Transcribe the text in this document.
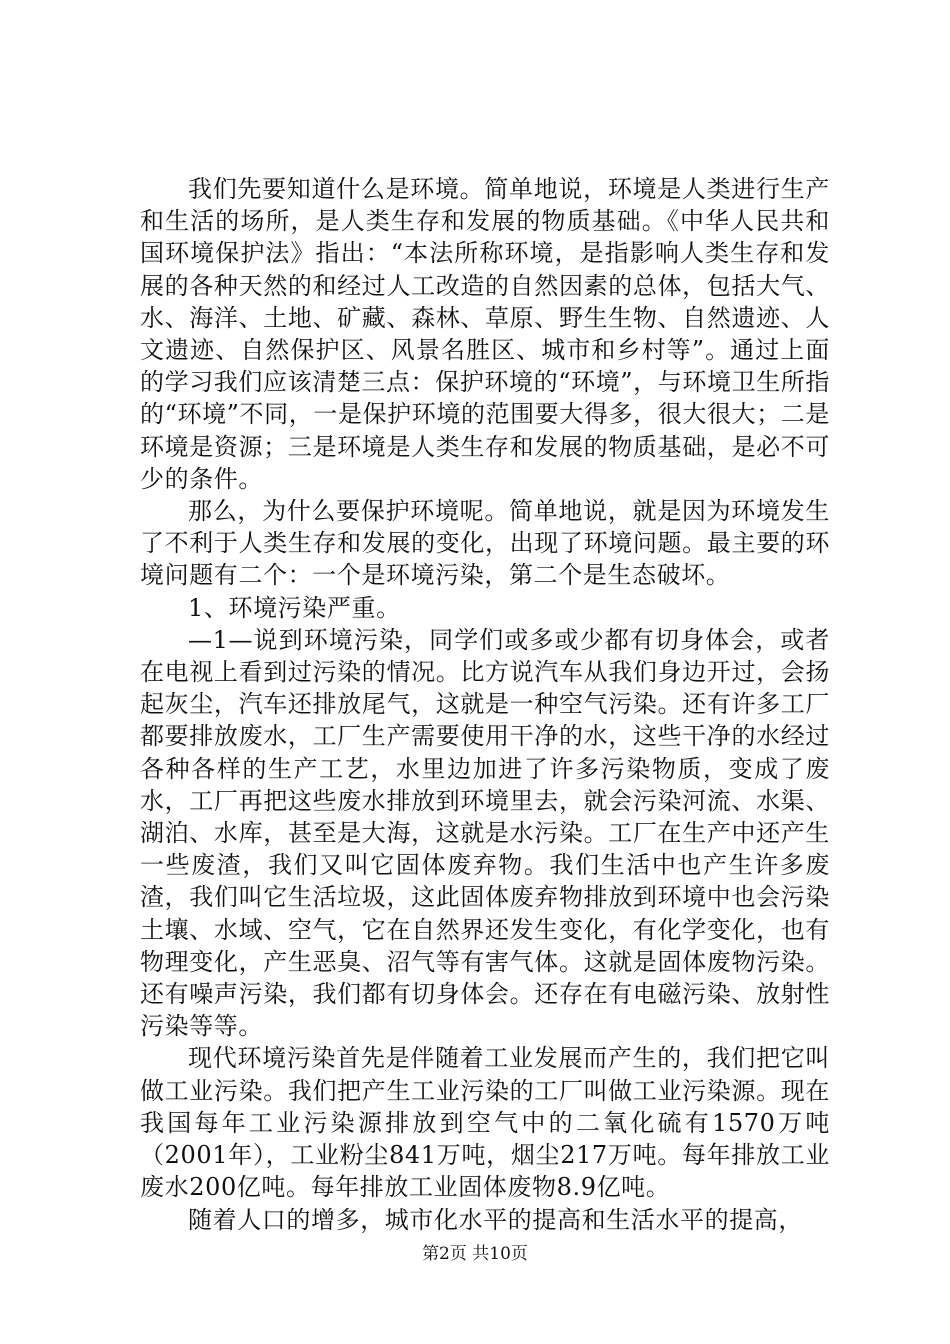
我们先要知道什么是环境。简单地说，环境是人类进行生产和生活的场所，是人类生存和发展的物质基础。《中华人民共和国环境保护法》指出：“本法所称环境，是指影响人类生存和发展的各种天然的和经过人工改造的自然因素的总体，包括大气、水、海洋、土地、矿藏、森林、草原、野生生物、自然遗迹、人文遗迹、自然保护区、风景名胜区、城市和乡村等”。通过上面的学习我们应该清楚三点：保护环境的“环境”，与环境卫生所指的“环境”不同，一是保护环境的范围要大得多，很大很大；二是环境是资源；三是环境是人类生存和发展的物质基础，是必不可少的条件。

那么，为什么要保护环境呢。简单地说，就是因为环境发生了不利于人类生存和发展的变化，出现了环境问题。最主要的环境问题有二个：一个是环境污染，第二个是生态破坏。

1、环境污染严重。

—1—说到环境污染，同学们或多或少都有切身体会，或者在电视上看到过污染的情况。比方说汽车从我们身边开过，会扬起灰尘，汽车还排放尾气，这就是一种空气污染。还有许多工厂都要排放废水，工厂生产需要使用干净的水，这些干净的水经过各种各样的生产工艺，水里边加进了许多污染物质，变成了废水，工厂再把这些废水排放到环境里去，就会污染河流、水渠、湖泊、水库，甚至是大海，这就是水污染。工厂在生产中还产生一些废渣，我们又叫它固体废弃物。我们生活中也产生许多废渣，我们叫它生活垃圾，这此固体废弃物排放到环境中也会污染土壤、水域、空气，它在自然界还发生变化，有化学变化，也有物理变化，产生恶臭、沼气等有害气体。这就是固体废物污染。还有噪声污染，我们都有切身体会。还存在有电磁污染、放射性污染等等。

现代环境污染首先是伴随着工业发展而产生的，我们把它叫做工业污染。我们把产生工业污染的工厂叫做工业污染源。现在我国每年工业污染源排放到空气中的二氧化硫有1570万吨（2001年），工业粉尘841万吨，烟尘217万吨。每年排放工业废水200亿吨。每年排放工业固体废物8.9亿吨。

随着人口的增多，城市化水平的提高和生活水平的提高，

第2页 共10页
